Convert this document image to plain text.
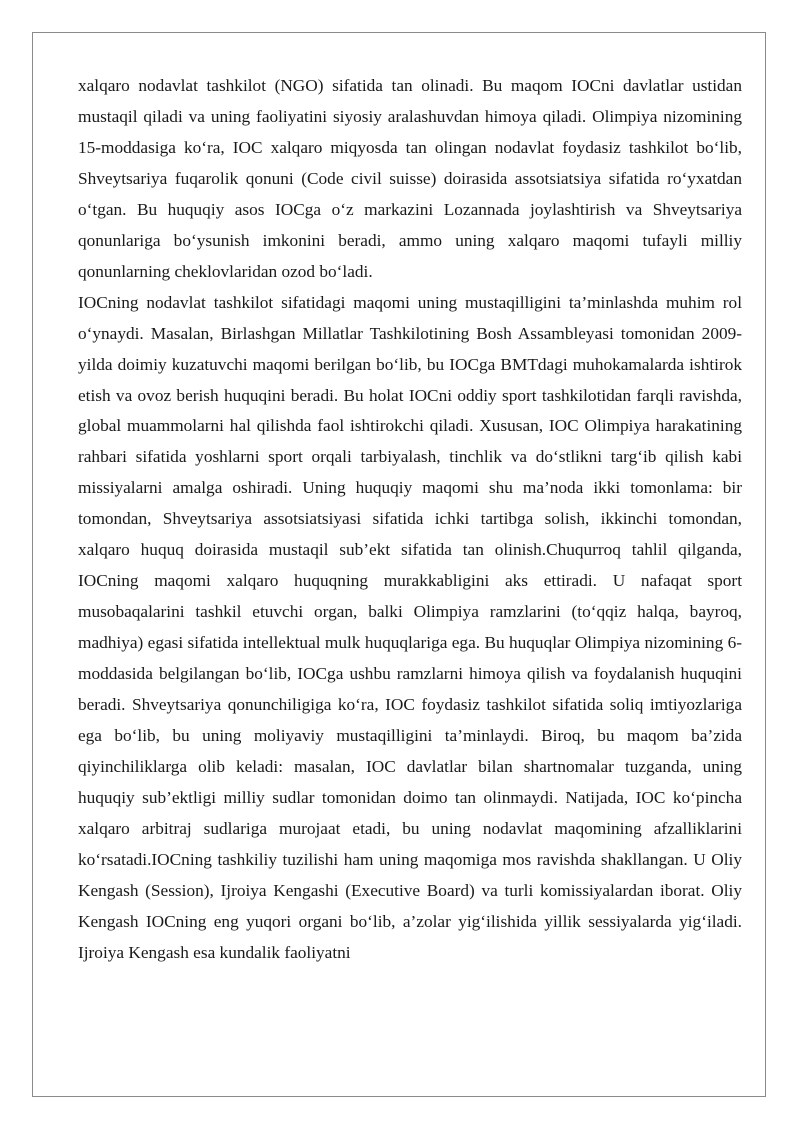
xalqaro nodavlat tashkilot (NGO) sifatida tan olinadi. Bu maqom IOCni davlatlar ustidan mustaqil qiladi va uning faoliyatini siyosiy aralashuvdan himoya qiladi. Olimpiya nizomining 15-moddasiga ko‘ra, IOC xalqaro miqyosda tan olingan nodavlat foydasiz tashkilot bo‘lib, Shveytsariya fuqarolik qonuni (Code civil suisse) doirasida assotsiatsiya sifatida ro‘yxatdan o‘tgan. Bu huquqiy asos IOCga o‘z markazini Lozannada joylashtirish va Shveytsariya qonunlariga bo‘ysunish imkonini beradi, ammo uning xalqaro maqomi tufayli milliy qonunlarning cheklovlaridan ozod bo‘ladi.

IOCning nodavlat tashkilot sifatidagi maqomi uning mustaqilligini ta’minlashda muhim rol o‘ynaydi. Masalan, Birlashgan Millatlar Tashkilotining Bosh Assambleyasi tomonidan 2009-yilda doimiy kuzatuvchi maqomi berilgan bo‘lib, bu IOCga BMTdagi muhokamalarda ishtirok etish va ovoz berish huquqini beradi. Bu holat IOCni oddiy sport tashkilotidan farqli ravishda, global muammolarni hal qilishda faol ishtirokchi qiladi. Xususan, IOC Olimpiya harakatining rahbari sifatida yoshlarni sport orqali tarbiyalash, tinchlik va do‘stlikni targ‘ib qilish kabi missiyalarni amalga oshiradi. Uning huquqiy maqomi shu ma’noda ikki tomonlama: bir tomondan, Shveytsariya assotsiatsiyasi sifatida ichki tartibga solish, ikkinchi tomondan, xalqaro huquq doirasida mustaqil sub’ekt sifatida tan olinish.Chuqurroq tahlil qilganda, IOCning maqomi xalqaro huquqning murakkabligini aks ettiradi. U nafaqat sport musobaqalarini tashkil etuvchi organ, balki Olimpiya ramzlarini (to‘qqiz halqa, bayroq, madhiya) egasi sifatida intellektual mulk huquqlariga ega. Bu huquqlar Olimpiya nizomining 6-moddasida belgilangan bo‘lib, IOCga ushbu ramzlarni himoya qilish va foydalanish huquqini beradi. Shveytsariya qonunchiligiga ko‘ra, IOC foydasiz tashkilot sifatida soliq imtiyozlariga ega bo‘lib, bu uning moliyaviy mustaqilligini ta’minlaydi. Biroq, bu maqom ba’zida qiyinchiliklarga olib keladi: masalan, IOC davlatlar bilan shartnomalar tuzganda, uning huquqiy sub’ektligi milliy sudlar tomonidan doimo tan olinmaydi. Natijada, IOC ko‘pincha xalqaro arbitraj sudlariga murojaat etadi, bu uning nodavlat maqomining afzalliklarini ko‘rsatadi.IOCning tashkiliy tuzilishi ham uning maqomiga mos ravishda shakllangan. U Oliy Kengash (Session), Ijroiya Kengashi (Executive Board) va turli komissiyalardan iborat. Oliy Kengash IOCning eng yuqori organi bo‘lib, a’zolar yig‘ilishida yillik sessiyalarda yig‘iladi. Ijroiya Kengash esa kundalik faoliyatni
